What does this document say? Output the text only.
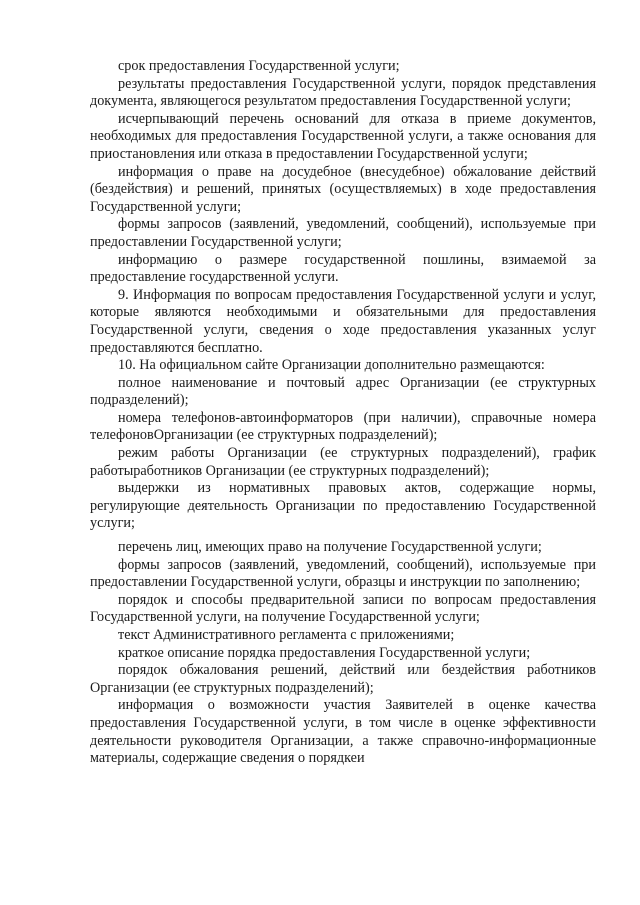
срок предоставления Государственной услуги;

результаты предоставления Государственной услуги, порядок представления документа, являющегося результатом предоставления Государственной услуги;

исчерпывающий перечень оснований для отказа в приеме документов, необходимых для предоставления Государственной услуги, а также основания для приостановления или отказа в предоставлении Государственной услуги;

информация о праве на досудебное (внесудебное) обжалование действий (бездействия) и решений, принятых (осуществляемых) в ходе предоставления Государственной услуги;

формы запросов (заявлений, уведомлений, сообщений), используемые при предоставлении Государственной услуги;

информацию о размере государственной пошлины, взимаемой за предоставление государственной услуги.

9. Информация по вопросам предоставления Государственной услуги и услуг, которые являются необходимыми и обязательными для предоставления Государственной услуги, сведения о ходе предоставления указанных услуг предоставляются бесплатно.

10. На официальном сайте Организации дополнительно размещаются:

полное наименование и почтовый адрес Организации (ее структурных подразделений);

номера телефонов-автоинформаторов (при наличии), справочные номера телефоновОрганизации (ее структурных подразделений);

режим работы Организации (ее структурных подразделений), график работыработников Организации (ее структурных подразделений);

выдержки из нормативных правовых актов, содержащие нормы, регулирующие деятельность Организации по предоставлению Государственной услуги;

перечень лиц, имеющих право на получение Государственной услуги;

формы запросов (заявлений, уведомлений, сообщений), используемые при предоставлении Государственной услуги, образцы и инструкции по заполнению;

порядок и способы предварительной записи по вопросам предоставления Государственной услуги, на получение Государственной услуги;

текст Административного регламента с приложениями;

краткое описание порядка предоставления Государственной услуги;

порядок обжалования решений, действий или бездействия работников Организации (ее структурных подразделений);

информация о возможности участия Заявителей в оценке качества предоставления Государственной услуги, в том числе в оценке эффективности деятельности руководителя Организации, а также справочно-информационные материалы, содержащие сведения о порядкеи
